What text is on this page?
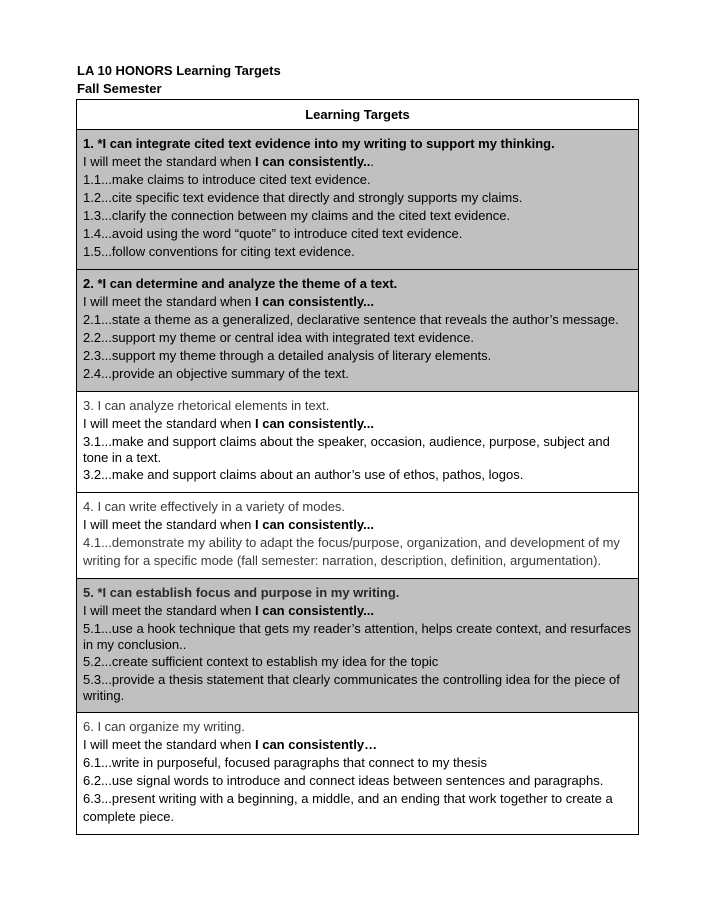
LA 10 HONORS Learning Targets
Fall Semester
Learning Targets

1. *I can integrate cited text evidence into my writing to support my thinking.
I will meet the standard when I can consistently...
1.1...make claims to introduce cited text evidence.
1.2...cite specific text evidence that directly and strongly supports my claims.
1.3...clarify the connection between my claims and the cited text evidence.
1.4...avoid using the word “quote” to introduce cited text evidence.
1.5...follow conventions for citing text evidence.

2. *I can determine and analyze the theme of a text.
I will meet the standard when I can consistently...
2.1...state a theme as a generalized, declarative sentence that reveals the author’s message.
2.2...support my theme or central idea with integrated text evidence.
2.3...support my theme through a detailed analysis of literary elements.
2.4...provide an objective summary of the text.

3. I can analyze rhetorical elements in text.
I will meet the standard when I can consistently...
3.1...make and support claims about the speaker, occasion, audience, purpose, subject and tone in a text.
3.2...make and support claims about an author’s use of ethos, pathos, logos.

4. I can write effectively in a variety of modes.
I will meet the standard when I can consistently...
4.1...demonstrate my ability to adapt the focus/purpose, organization, and development of my writing for a specific mode (fall semester: narration, description, definition, argumentation).

5. *I can establish focus and purpose in my writing.
I will meet the standard when I can consistently...
5.1...use a hook technique that gets my reader’s attention, helps create context, and resurfaces in my conclusion..
5.2...create sufficient context to establish my idea for the topic
5.3...provide a thesis statement that clearly communicates the controlling idea for the piece of writing.

6. I can organize my writing.
I will meet the standard when I can consistently…
6.1...write in purposeful, focused paragraphs that connect to my thesis
6.2...use signal words to introduce and connect ideas between sentences and paragraphs.
6.3...present writing with a beginning, a middle, and an ending that work together to create a complete piece.
